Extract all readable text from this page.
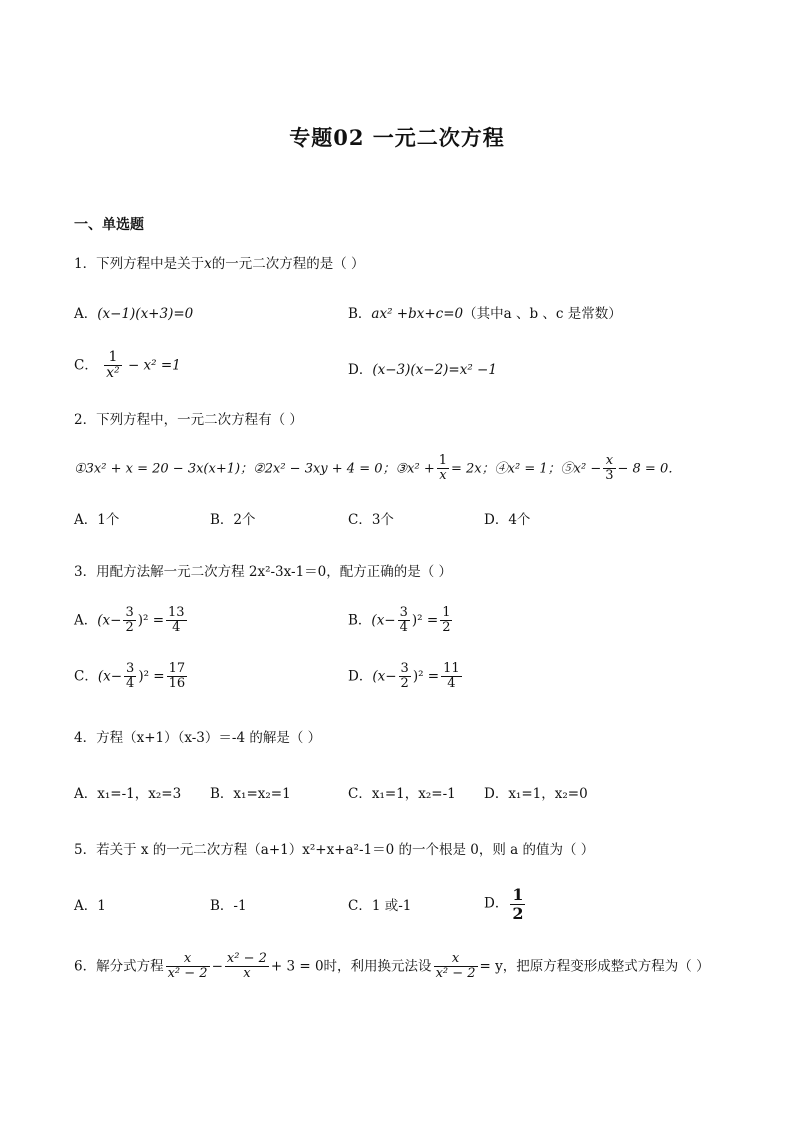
专题02 一元二次方程
一、单选题
1．下列方程中是关于x的一元二次方程的是（ ）
A．(x−1)(x+3)=0	B．ax² +bx+c=0（其中a 、b 、c 是常数）
C． $\frac{1}{\text{x²}} - x^2 =1$	D．(x−3)(x−2)=x² −1
2．下列方程中，一元二次方程有（ ）
①3x² + x = 20 − 3x(x+1)；②2x² − 3xy + 4 = 0；③x² + $\frac{1}{x} = 2x$；④x² = 1；⑤x² − $\frac{x}{3} - 8 = 0$．
A．1个	B．2个	C．3个	D．4个
3．用配方法解一元二次方程 2x²-3x-1＝0，配方正确的是（ ）
A．$(x- \frac{3}{2} )^2 = \frac{13}{4}$	B．$(x- \frac{3}{4} )^2 = \frac{1}{2}$
C．$(x- \frac{3}{4} )^2 = \frac{17}{16}$	D．$(x- \frac{3}{2} )^2 = \frac{11}{4}$
4．方程（x+1）（x-3）＝-4 的解是（ ）
A．x₁=-1，x₂=3 B．x₁=x₂=1	C．x₁=1，x₂=-1 D．x₁=1，x₂=0
5．若关于 x 的一元二次方程（a+1）x²+x+a²-1＝0 的一个根是 0，则 a 的值为（ ）
A．1	B．-1	C．1 或-1	D． $\frac{1}{2}$
6．解分式方程 $\frac{x}{\text{x² − 2}} - \frac{\text{x² − 2}}{x} + 3 = 0$时，利用换元法设 $\frac{x}{\text{x² − 2}} = y$，把原方程变形成整式方程为（ ）
